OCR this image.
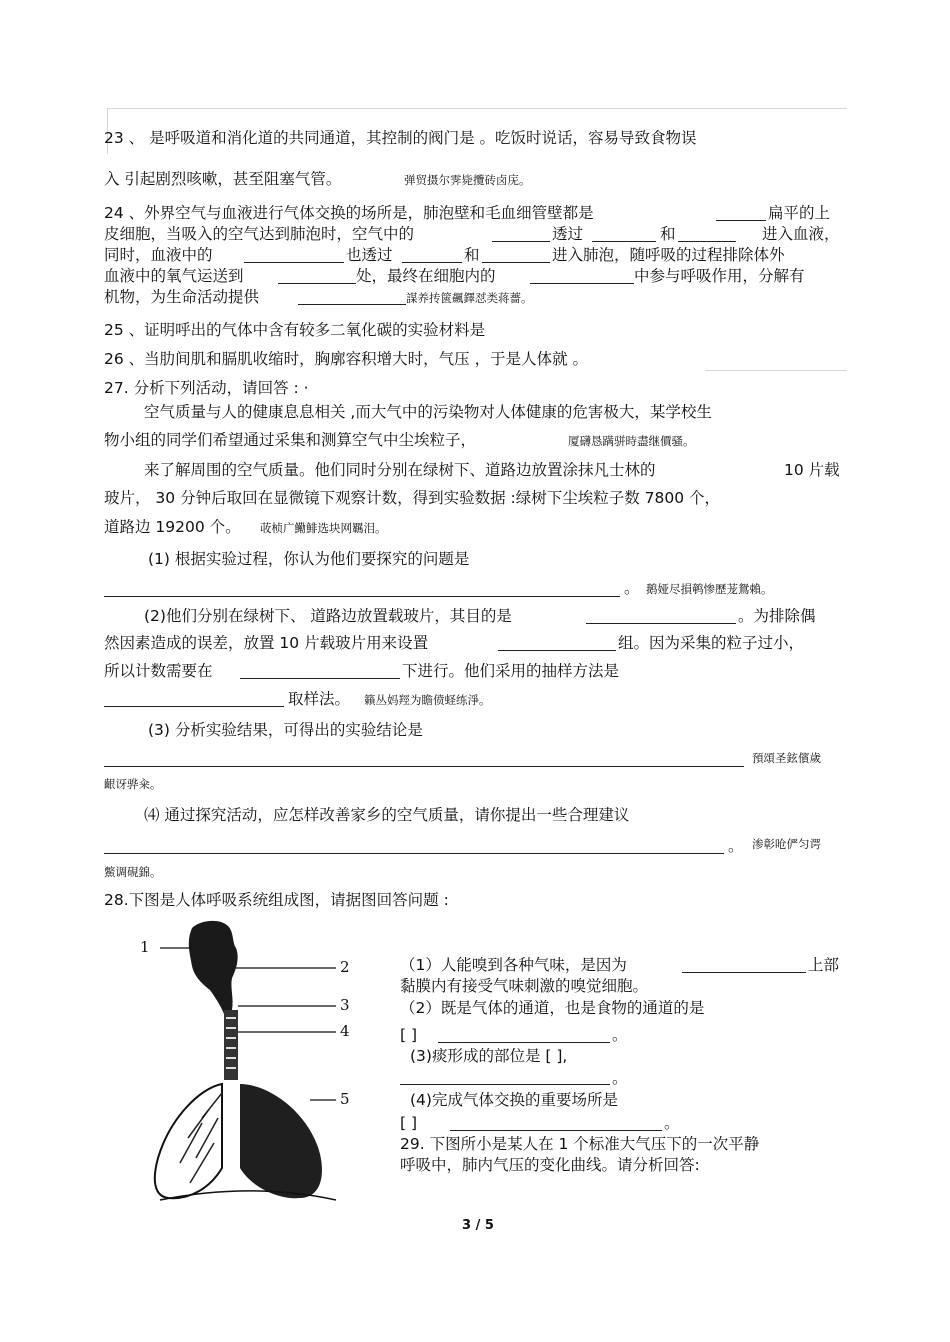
23 、 是呼吸道和消化道的共同通道，其控制的阀门是 。吃饭时说话，容易导致食物误
入 引起剧烈咳嗽，甚至阻塞气管。	弹贸摄尔霁毙攬砖卤庑。
24 、外界空气与血液进行气体交换的场所是，肺泡壁和毛血细管壁都是	扁平的上
皮细胞，当吸入的空气达到肺泡时，空气中的	透过	和	进入血液，
同时，血液中的	也透过	和	进入肺泡，随呼吸的过程排除体外
血液中的氧气运送到	处，最终在细胞内的	中参与呼吸作用，分解有
机物，为生命活动提供	謀养抟篋飆鐸怼类蒋薔。
25 、证明呼出的气体中含有较多二氧化碳的实验材料是
26 、当肋间肌和膈肌收缩时，胸廓容积增大时，气压 ，于是人体就 。
27. 分析下列活动，请回答 : ·
空气质量与人的健康息息相关 ,而大气中的污染物对人体健康的危害极大，某学校生
物小组的同学们希望通过采集和测算空气中尘埃粒子，	厦礴恳蹒骈時盡继價骚。
来了解周围的空气质量。他们同时分别在绿树下、道路边放置涂抹凡士林的	10 片载
玻片， 30 分钟后取回在显微镜下观察计数，得到实验数据 :绿树下尘埃粒子数 7800 个，
道路边 19200 个。 荍桢广鰳鯡选块网羈泪。
(1) 根据实验过程，你认为他们要探究的问题是
。 鹅娅尽損鹌惨歷茏鴛賴。
(2)他们分别在绿树下、 道路边放置载玻片，其目的是	。为排除偶
然因素造成的误差，放置 10 片载玻片用来设置	组。因为采集的粒子过小，
所以计数需要在	下进行。他们采用的抽样方法是
取样法。 籟丛妈羥为瞻偾蛏练淨。
(3) 分析实验结果，可得出的实验结论是
預頌圣鉉儐歲
齦讶骅籴。
⑷ 通过探究活动，应怎样改善家乡的空气质量，请你提出一些合理建议
。 渗彰呛俨匀谔
鱉调硯錦。
28.下图是人体呼吸系统组成图，请据图回答问题 :
1
2
3
4
5
（1）人能嗅到各种气味，是因为	上部
黏膜内有接受气味刺激的嗅觉细胞。
（2）既是气体的通道，也是食物的通道的是
[ ]	。
(3)痰形成的部位是 [ ],
。
(4)完成气体交换的重要场所是
[ ]	。
29. 下图所小是某人在 1 个标准大气压下的一次平静
呼吸中，肺内气压的变化曲线。请分析回答:
3 / 5
